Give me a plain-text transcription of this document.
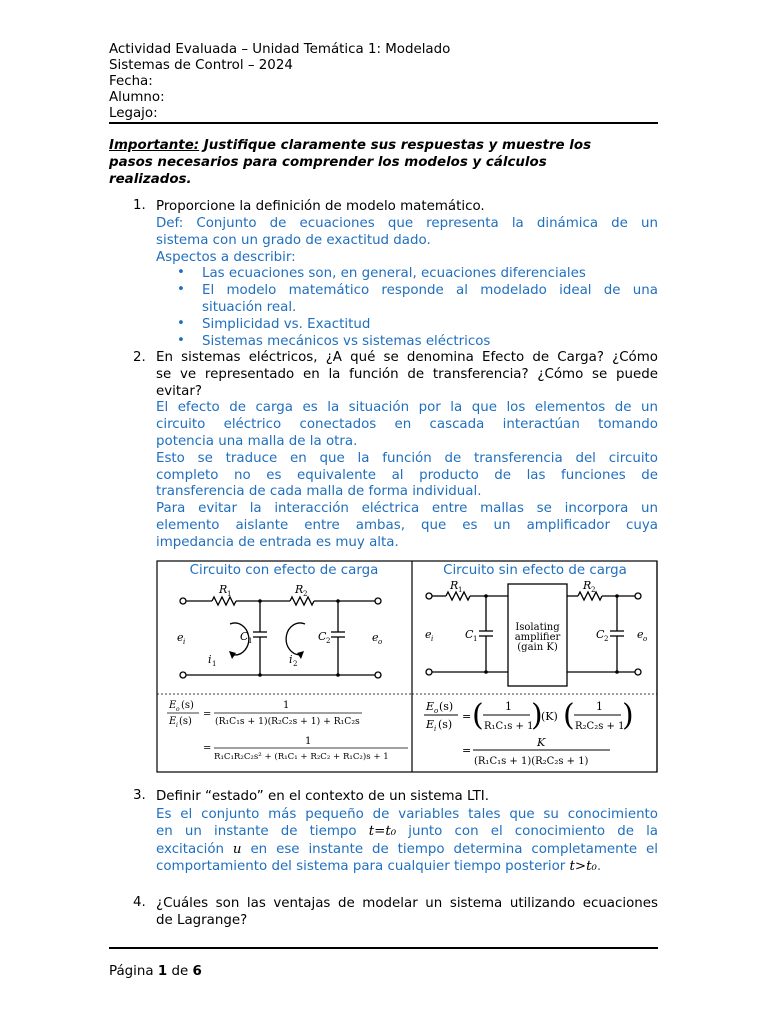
Actividad Evaluada – Unidad Temática 1: Modelado
Sistemas de Control – 2024
Fecha:
Alumno:
Legajo:
Importante: Justifique claramente sus respuestas y muestre los
pasos necesarios para comprender los modelos y cálculos
realizados.
1. Proporcione la definición de modelo matemático.
Def: Conjunto de ecuaciones que representa la dinámica de un
sistema con un grado de exactitud dado.
Aspectos a describir:
•
•
•
•
Las ecuaciones son, en general, ecuaciones diferenciales
El modelo matemático responde al modelado ideal de una
situación real.
Simplicidad vs. Exactitud
Sistemas mecánicos vs sistemas eléctricos
2. En sistemas eléctricos, ¿A qué se denomina Efecto de Carga? ¿Cómo
se ve representado en la función de transferencia? ¿Cómo se puede
evitar?
El efecto de carga es la situación por la que los elementos de un
circuito eléctrico conectados en cascada interactúan tomando
potencia una malla de la otra.
Esto se traduce en que la función de transferencia del circuito
completo no es equivalente al producto de las funciones de
transferencia de cada malla de forma individual.
Para evitar la interacción eléctrica entre mallas se incorpora un
elemento aislante entre ambas, que es un amplificador cuya
impedancia de entrada es muy alta.
Circuito con efecto de carga	Circuito sin efecto de carga
R 1	R 2
C 1	C 2
e i	e o
i 1	i 2
E o (s)
E i (s)
=
1
(R₁C₁s + 1)(R₂C₂s + 1) + R₁C₂s
=
1
R₁C₁R₂C₂s² + (R₁C₁ + R₂C₂ + R₁C₂)s + 1
Isolating
amplifier
(gain K)
R 1	R 2
C 1	C 2
e i	e o
E o (s)
E i (s)
= ( 1
R₁C₁s + 1
)
(K) ( 1
R₂C₂s + 1
)
=
K
(R₁C₁s + 1)(R₂C₂s + 1)
3. Definir “estado” en el contexto de un sistema LTI.
Es el conjunto más pequeño de variables tales que su conocimiento
en un instante de tiempo t=t₀ junto con el conocimiento de la
excitación u en ese instante de tiempo determina completamente el
comportamiento del sistema para cualquier tiempo posterior t>t₀.
4. ¿Cuáles son las ventajas de modelar un sistema utilizando ecuaciones
de Lagrange?
Página 1 de 6
